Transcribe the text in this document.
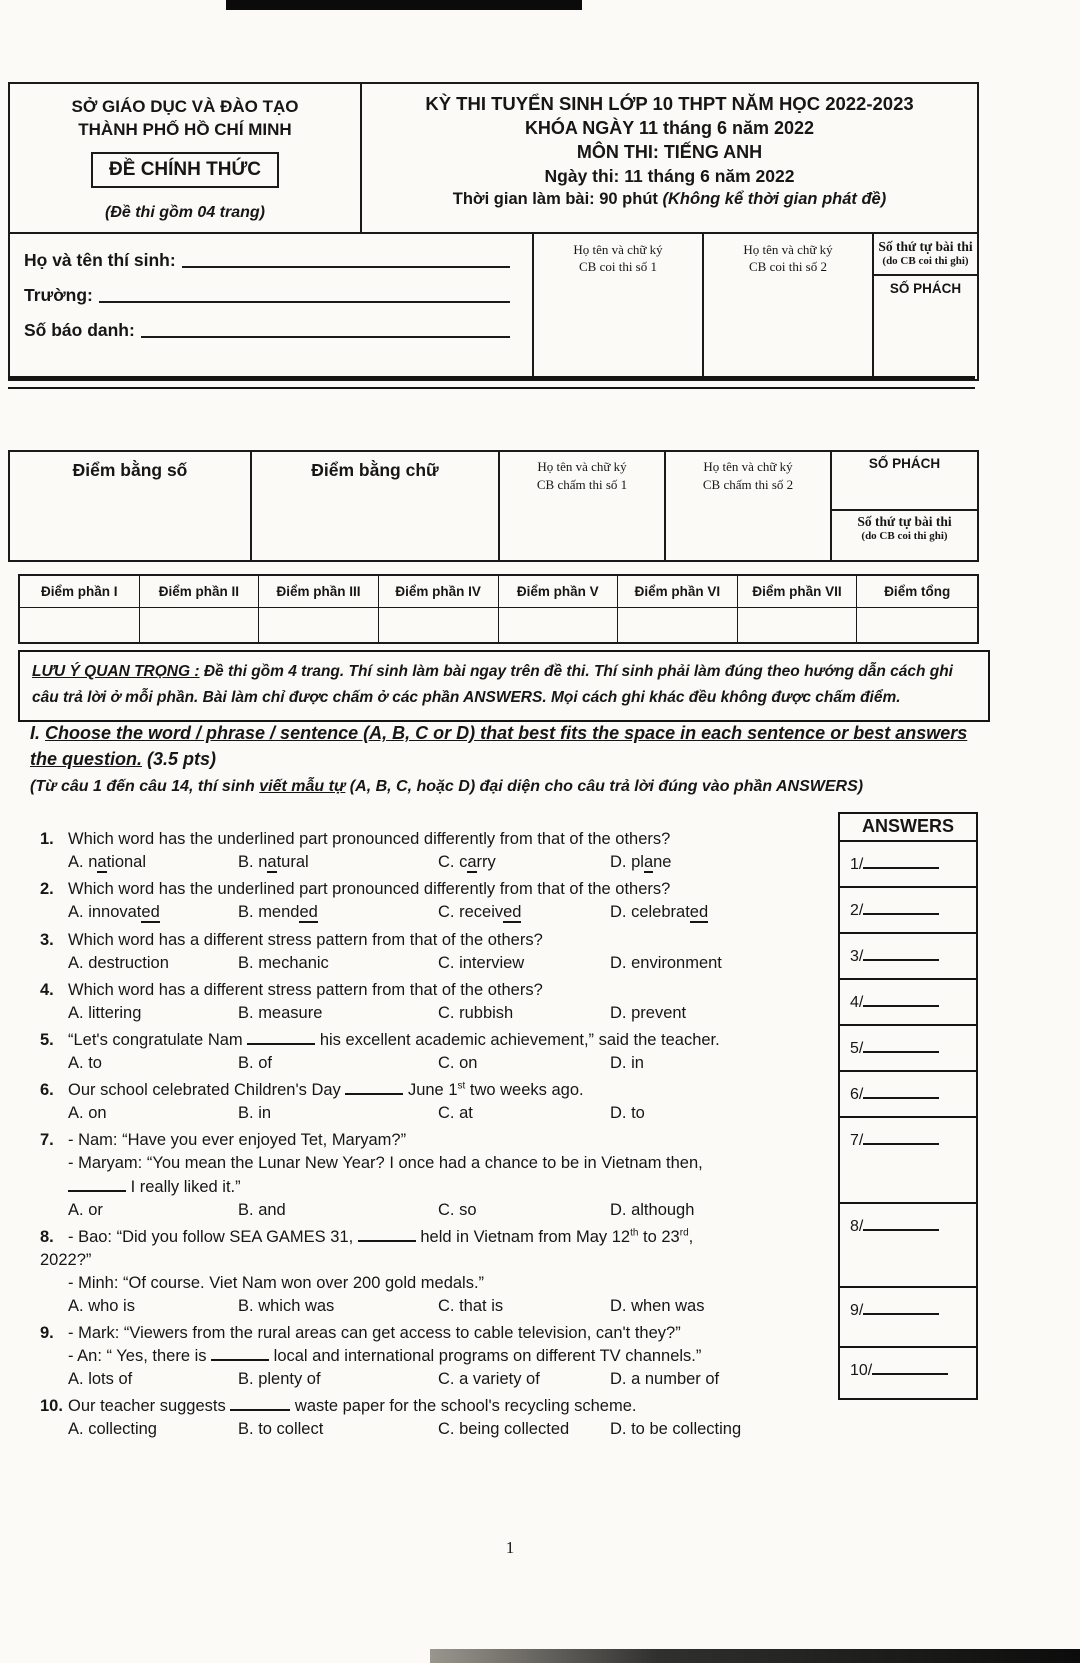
SỞ GIÁO DỤC VÀ ĐÀO TẠO
THÀNH PHỐ HỒ CHÍ MINH
ĐỀ CHÍNH THỨC
(Đề thi gồm 04 trang)
KỲ THI TUYỂN SINH LỚP 10 THPT NĂM HỌC 2022-2023
KHÓA NGÀY 11 tháng 6 năm 2022
MÔN THI: TIẾNG ANH
Ngày thi: 11 tháng 6 năm 2022
Thời gian làm bài: 90 phút (Không kể thời gian phát đề)
Họ và tên thí sinh:
Trường:
Số báo danh:
Họ tên và chữ ký
CB coi thi số 1
Họ tên và chữ ký
CB coi thi số 2
Số thứ tự bài thi
(do CB coi thi ghi)
SỐ PHÁCH
Điểm bằng số	Điểm bằng chữ	Họ tên và chữ ký
CB chấm thi số 1
Họ tên và chữ ký
CB chấm thi số 2
SỐ PHÁCH
Số thứ tự bài thi
(do CB coi thi ghi)
Điểm phần I	Điểm phần II	Điểm phần III	Điểm phần IV	Điểm phần V	Điểm phần VI	Điểm phần VII	Điểm tổng
LƯU Ý QUAN TRỌNG : Đề thi gồm 4 trang. Thí sinh làm bài ngay trên đề thi. Thí sinh phải làm đúng theo hướng dẫn cách ghi câu trả lời ở mỗi phần. Bài làm chỉ được chấm ở các phần ANSWERS. Mọi cách ghi khác đều không được chấm điểm.
I. Choose the word / phrase / sentence (A, B, C or D) that best fits the space in each sentence or best answers the question. (3.5 pts)
(Từ câu 1 đến câu 14, thí sinh viết mẫu tự (A, B, C, hoặc D) đại diện cho câu trả lời đúng vào phần ANSWERS)
1. Which word has the underlined part pronounced differently from that of the others?
A. national	B. natural	C. carry	D. plane
2. Which word has the underlined part pronounced differently from that of the others?
A. innovated	B. mended	C. received	D. celebrated
3. Which word has a different stress pattern from that of the others?
A. destruction	B. mechanic	C. interview	D. environment
4. Which word has a different stress pattern from that of the others?
A. littering	B. measure	C. rubbish	D. prevent
5. “Let's congratulate Nam	his excellent academic achievement,” said the teacher.
A. to	B. of	C. on	D. in
6. Our school celebrated Children's Day	June 1st two weeks ago.
A. on	B. in	C. at	D. to
7. - Nam: “Have you ever enjoyed Tet, Maryam?”
- Maryam: “You mean the Lunar New Year? I once had a chance to be in Vietnam then,
I really liked it.”
A. or	B. and	C. so	D. although
8. - Bao: “Did you follow SEA GAMES 31,	held in Vietnam from May 12th to 23rd,
2022?”
- Minh: “Of course. Viet Nam won over 200 gold medals.”
A. who is	B. which was	C. that is	D. when was
9. - Mark: “Viewers from the rural areas can get access to cable television, can't they?”
- An: “ Yes, there is	local and international programs on different TV channels.”
A. lots of	B. plenty of	C. a variety of	D. a number of
10. Our teacher suggests	waste paper for the school's recycling scheme.
A. collecting	B. to collect	C. being collected	D. to be collecting
ANSWERS
1/
2/
3/
4/
5/
6/
7/
8/
9/
10/
1
